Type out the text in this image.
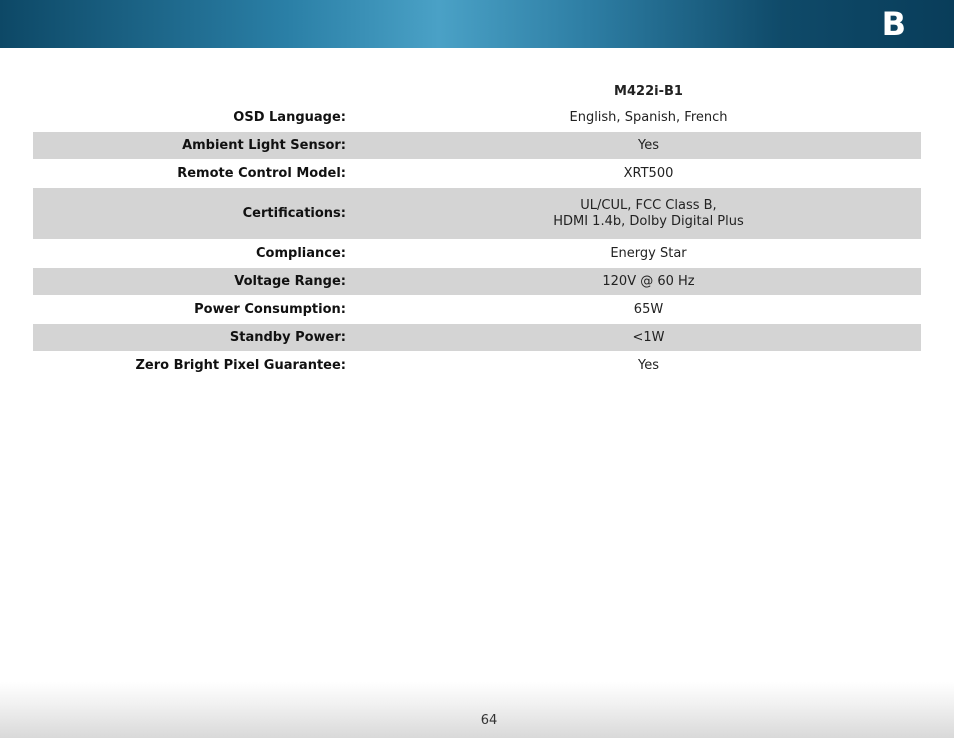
B
		M422i-B1
OSD Language:		English, Spanish, French
Ambient Light Sensor:		Yes
Remote Control Model:		XRT500
Certifications:		UL/CUL, FCC Class B,
HDMI 1.4b, Dolby Digital Plus
Compliance:		Energy Star
Voltage Range:		120V @ 60 Hz
Power Consumption:		65W
Standby Power:		<1W
Zero Bright Pixel Guarantee:		Yes
64
